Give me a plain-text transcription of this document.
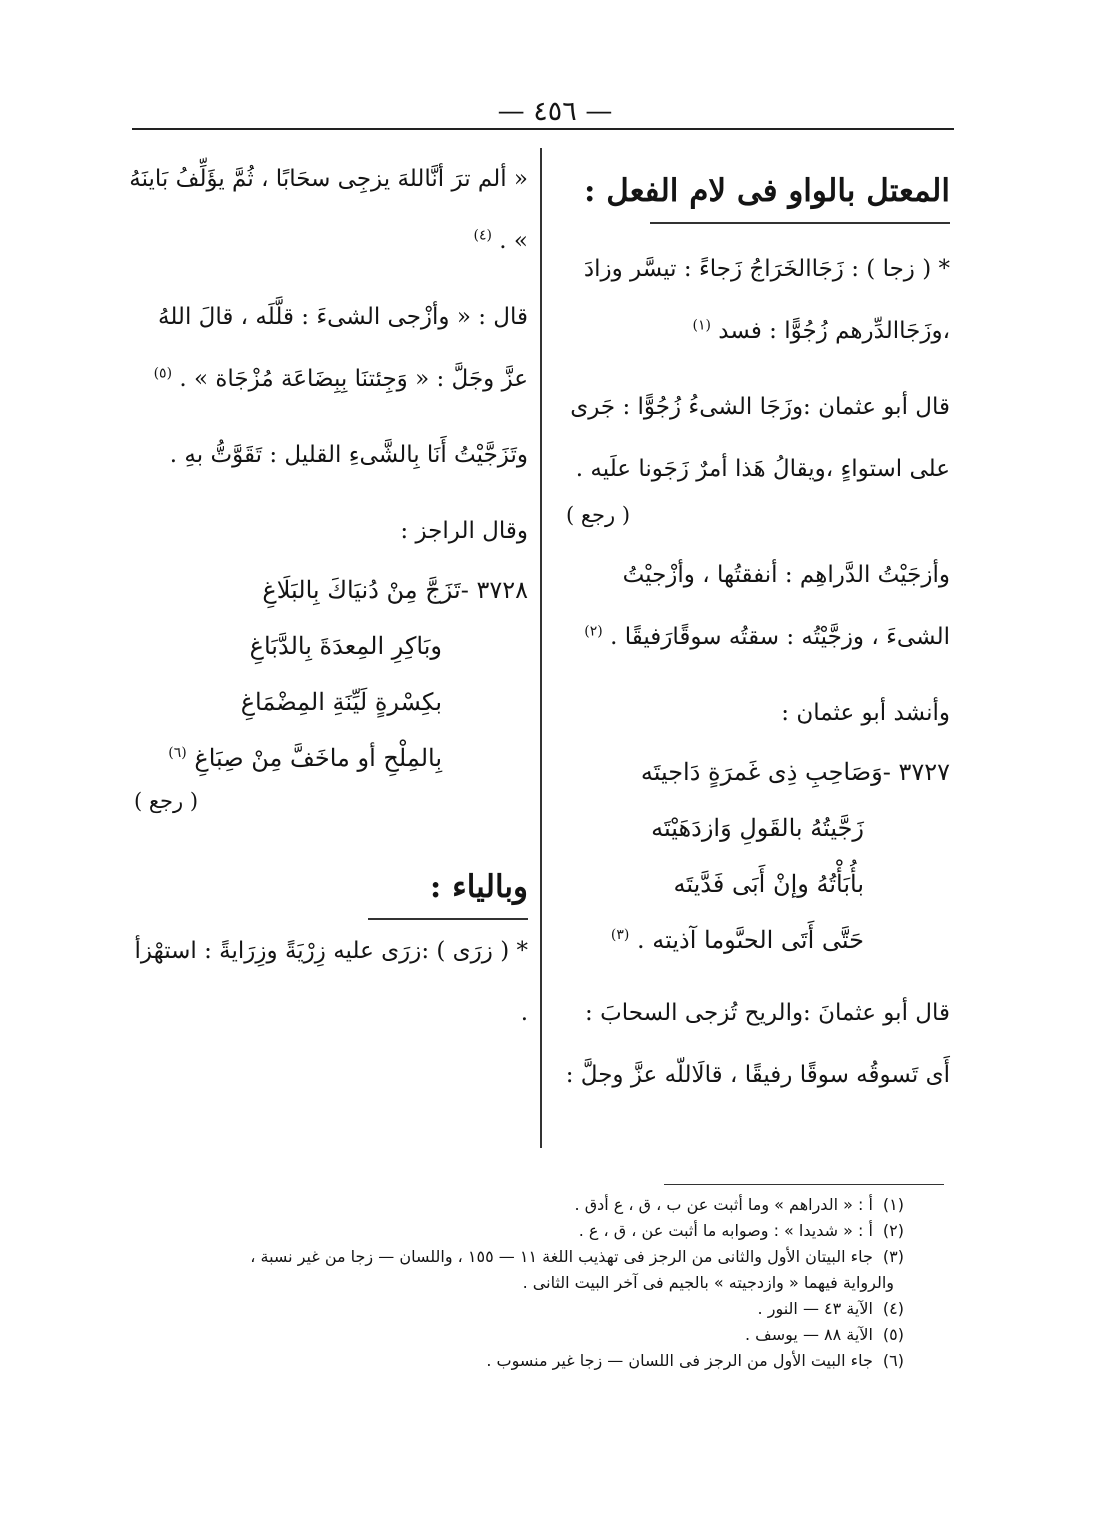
— ٤٥٦ —
المعتل بالواو فى لام الفعل :
* ( زجا ) : زَجَاالخَرَاجُ زَجاءً : تيسَّر وزادَ ،وزَجَاالدِّرهم زُجُوًّا : فسد $^{(١)}$
قال أبو عثمان :وزَجَا الشىءُ زُجُوًّا : جَرى على استواءٍ ،ويقالُ هَذا أمرٌ زَجَونا علَيه .
( رجع )
وأزجَيْتُ الدَّراهِم : أنفقتُها ، وأزْجيْتُ الشىءَ ، وزجَّيْتُه : سقتُه سوقًارَفيقًا . $^{(٢)}$
وأنشد أبو عثمان :
٣٧٢٧ -وَصَاحِبِ ذِى غَمرَةٍ دَاجيتَه
زَجَّيتُهُ بالقَولِ وَازدَهَيْتَه
بأُبَأْتُهُ وإنْ أَبَى فَدَّيتَه
حَتَّى أَتَى الحىَّوما آذيته . $^{(٣)}$
قال أبو عثمانَ :والريح تُزجى السحابَ : أَى تَسوقُه سوقًا رفيقًا ، قالَاللّه عزَّ وجلَّ :
« ألم ترَ أنَّاللهَ يزجِى سحَابًا ، ثُمَّ يؤَلِّفُ بَاينَهُ » . $^{(٤)}$
قال : « وأزْجى الشىءَ : قلَّلَه ، قالَ اللهُ عزَّ وجَلَّ : « وَجِئتنَا بِبِضَاعَة مُزْجَاة » . $^{(٥)}$
وتَزَجَّيْتُ أَنَا بِالشَّىءِ القليل : تَقَوَّتُّ بهِ .
وقال الراجز :
٣٧٢٨ -تَزَجَّ مِنْ دُنيَاكَ بِالبَلَاغِ
وبَاكِرِ المِعدَةَ بِالدَّبَاغِ
بكِسْرةٍ لَيِّنَةِ المِضْمَاغِ
بِالمِلْحِ أو ماخَفَّ مِنْ صِبَاغِ $^{(٦)}$
( رجع )
وبالياء :
* ( زرَى ) :زرَى عليه زِرْيَةً وزِرَايةً : استهْزأ .
(١)أ : « الدراهم » وما أثبت عن ب ، ق ، ع أدق .
(٢)أ : « شديدا » : وصوابه ما أثبت عن ، ق ، ع .
(٣)جاء البيتان الأول والثانى من الرجز فى تهذيب اللغة ١١ — ١٥٥ ، واللسان — زجا من غير نسبة ،
والرواية فيهما « وازدجيته » بالجيم فى آخر البيت الثانى .
(٤)الآية ٤٣ — النور .
(٥)الآية ٨٨ — يوسف .
(٦)جاء البيت الأول من الرجز فى اللسان — زجا غير منسوب .
